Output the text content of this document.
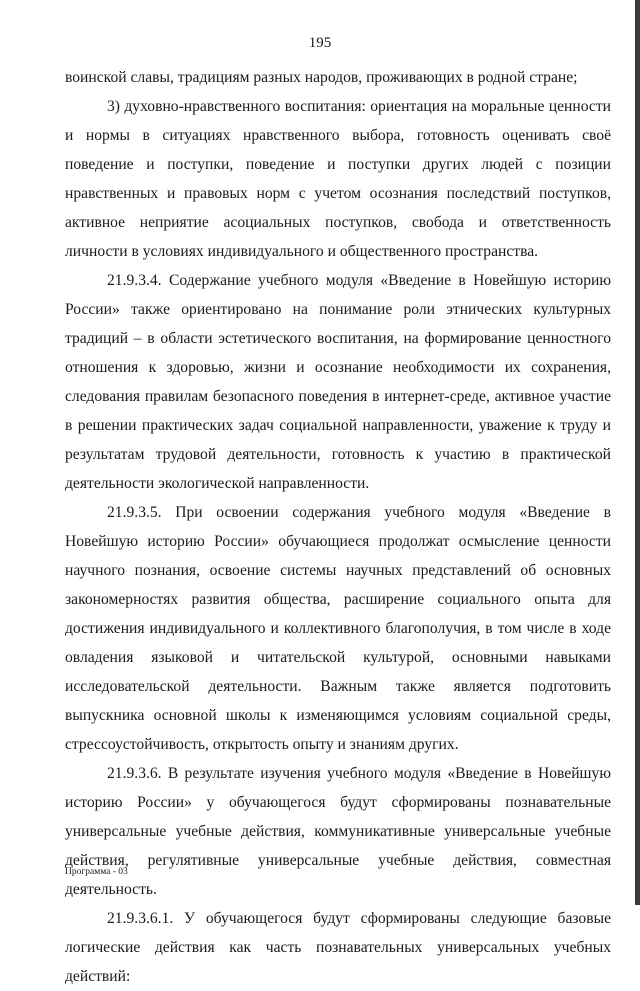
195

воинской славы, традициям разных народов, проживающих в родной стране;

3) духовно-нравственного воспитания: ориентация на моральные ценности и нормы в ситуациях нравственного выбора, готовность оценивать своё поведение и поступки, поведение и поступки других людей с позиции нравственных и правовых норм с учетом осознания последствий поступков, активное неприятие асоциальных поступков, свобода и ответственность личности в условиях индивидуального и общественного пространства.

21.9.3.4. Содержание учебного модуля «Введение в Новейшую историю России» также ориентировано на понимание роли этнических культурных традиций – в области эстетического воспитания, на формирование ценностного отношения к здоровью, жизни и осознание необходимости их сохранения, следования правилам безопасного поведения в интернет-среде, активное участие в решении практических задач социальной направленности, уважение к труду и результатам трудовой деятельности, готовность к участию в практической деятельности экологической направленности.

21.9.3.5. При освоении содержания учебного модуля «Введение в Новейшую историю России» обучающиеся продолжат осмысление ценности научного познания, освоение системы научных представлений об основных закономерностях развития общества, расширение социального опыта для достижения индивидуального и коллективного благополучия, в том числе в ходе овладения языковой и читательской культурой, основными навыками исследовательской деятельности. Важным также является подготовить выпускника основной школы к изменяющимся условиям социальной среды, стрессоустойчивость, открытость опыту и знаниям других.

21.9.3.6. В результате изучения учебного модуля «Введение в Новейшую историю России» у обучающегося будут сформированы познавательные универсальные учебные действия, коммуникативные универсальные учебные действия, регулятивные универсальные учебные действия, совместная деятельность.

21.9.3.6.1. У обучающегося будут сформированы следующие базовые логические действия как часть познавательных универсальных учебных действий:

Программа - 03
